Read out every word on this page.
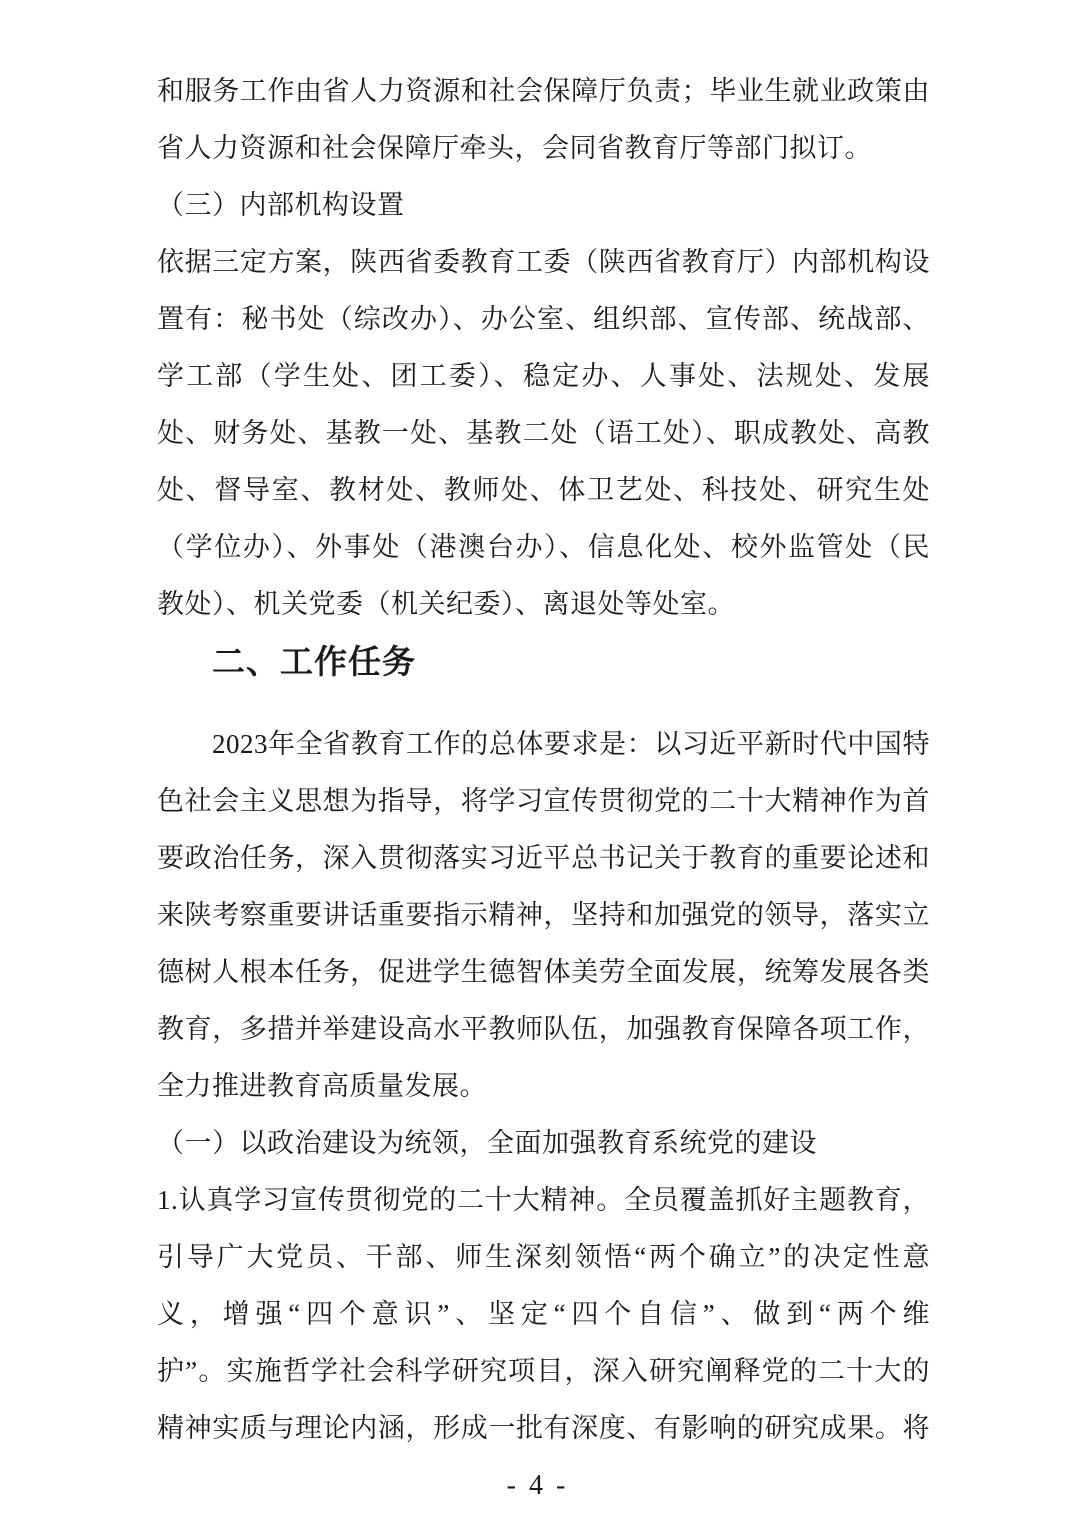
和服务工作由省人力资源和社会保障厅负责；毕业生就业政策由
省人力资源和社会保障厅牵头，会同省教育厅等部门拟订。
（三）内部机构设置
依据三定方案，陕西省委教育工委（陕西省教育厅）内部机构设
置有：秘书处（综改办）、办公室、组织部、宣传部、统战部、
学工部（学生处、团工委）、稳定办、人事处、法规处、发展
处、财务处、基教一处、基教二处（语工处）、职成教处、高教
处、督导室、教材处、教师处、体卫艺处、科技处、研究生处
（学位办）、外事处（港澳台办）、信息化处、校外监管处（民
教处）、机关党委（机关纪委）、离退处等处室。
二、工作任务
2023年全省教育工作的总体要求是：以习近平新时代中国特
色社会主义思想为指导，将学习宣传贯彻党的二十大精神作为首
要政治任务，深入贯彻落实习近平总书记关于教育的重要论述和
来陕考察重要讲话重要指示精神，坚持和加强党的领导，落实立
德树人根本任务，促进学生德智体美劳全面发展，统筹发展各类
教育，多措并举建设高水平教师队伍，加强教育保障各项工作，
全力推进教育高质量发展。
（一）以政治建设为统领，全面加强教育系统党的建设
1.认真学习宣传贯彻党的二十大精神。全员覆盖抓好主题教育，
引导广大党员、干部、师生深刻领悟“两个确立”的决定性意
义，增强“四个意识”、坚定“四个自信”、做到“两个维
护”。实施哲学社会科学研究项目，深入研究阐释党的二十大的
精神实质与理论内涵，形成一批有深度、有影响的研究成果。将
- 4 -
